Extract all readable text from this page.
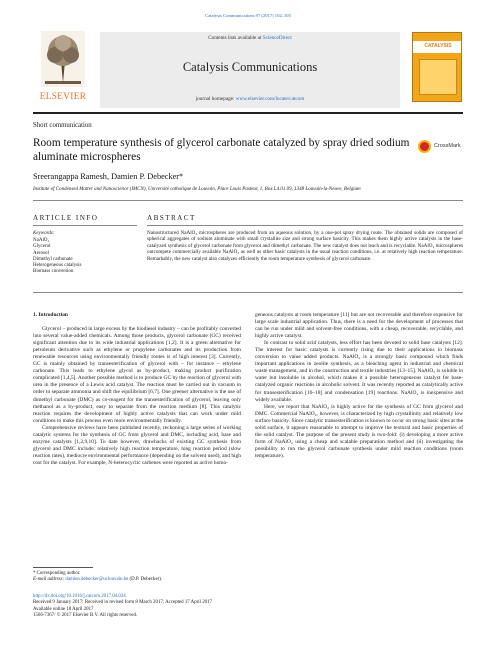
Catalysis Communications 97 (2017) 102–105
ELSEVIER
Contents lists available at ScienceDirect
Catalysis Communications
journal homepage: www.elsevier.com/locate/catcom
CATALYSIS
Short communication
Room temperature synthesis of glycerol carbonate catalyzed by spray dried sodium aluminate microspheres
CrossMark
Sreerangappa Ramesh, Damien P. Debecker*
Institute of Condensed Matter and Nanoscience (IMCN), Université catholique de Louvain, Place Louis Pasteur, 1, Box L4.01.09, 1348 Louvain-la-Neuve, Belgium
ARTICLE INFO	ABSTRACT
Keywords:
NaAlO₂
Glycerol
Aerosol
Dimethyl carbonate
Heterogeneous catalysis
Biomass conversion
Nanostructured NaAlO₂ microspheres are produced from an aqueous solution, by a one-pot spray drying route. The obtained solids are composed of spherical aggregates of sodium aluminate with small crystallite size and strong surface basicity. This makes them highly active catalysts in the base-catalyzed synthesis of glycerol carbonate from glycerol and dimethyl carbonate. The new catalyst does not leach and is recyclable. NaAlO₂ microspheres outcompete commercially available NaAlO₂ as well as other basic catalysts in the usual reaction conditions, i.e. at relatively high reaction temperature. Remarkably, the new catalyst also catalyzes efficiently the room temperature synthesis of glycerol carbonate.
1. Introduction

Glycerol – produced in large excess by the biodiesel industry – can be profitably converted into several value-added chemicals. Among those products, glycerol carbonate (GC) received significant attention due to its wide industrial applications [1,2]. It is a green alternative for petroleum derivative such as ethylene or propylene carbonates and its production from renewable resources using environmentally friendly routes is of high interest [3]. Currently, GC is mainly obtained by transesterification of glycerol with – for instance – ethylene carbonate. This leads to ethylene glycol as by-product, making product purification complicated [1,4,5]. Another possible method is to produce GC by the reaction of glycerol with urea in the presence of a Lewis acid catalyst. The reaction must be carried out in vacuum in order to separate ammonia and shift the equilibrium [6,7]. One greener alternative is the use of dimethyl carbonate (DMC) as co-reagent for the transesterification of glycerol, leaving only methanol as a by-product, easy to separate from the reaction medium [8]. This catalytic reaction requires the development of highly active catalysts that can work under mild conditions to make this process even more environmentally friendly.

Comprehensive reviews have been published recently, reckoning a large series of working catalytic systems for the synthesis of GC from glycerol and DMC, including acid, base and enzyme catalysts [1,2,9,10]. To date however, drawbacks of existing GC synthesis from glycerol and DMC include: relatively high reaction temperature, long reaction period (slow reaction rates), mediocre environmental performance (depending on the solvent used), and high cost for the catalyst. For example, N-heterocyclic carbenes were reported as active homo-

geneous catalysts at room temperature [11] but are not recoverable and therefore expensive for large scale industrial application. Thus, there is a need for the development of processes that can be run under mild and solvent-free conditions, with a cheap, recoverable, recyclable, and highly active catalyst.

In contrast to solid acid catalysts, less effort has been devoted to solid base catalysts [12]. The interest for basic catalysts is currently rising due to their applications in biomass conversion to value added products. NaAlO₂ is a strongly basic compound which finds important applications in zeolite synthesis, as a bleaching agent in industrial and chemical waste management, and in the construction and textile industries [13–15]. NaAlO₂ is soluble in water but insoluble in alcohol, which makes it a possible heterogeneous catalyst for base-catalyzed organic reactions in alcoholic solvent. It was recently reported as catalytically active for transesterification [16–18] and condensation [19] reactions. NaAlO₂ is inexpensive and widely available.

Here, we report that NaAlO₂ is highly active for the synthesis of GC from glycerol and DMC. Commercial NaAlO₂, however, is characterized by high crystallinity and relatively low surface basicity. Since catalytic transesterification is known to occur on strong basic sites at the solid surface, it appears reasonable to attempt to improve the textural and basic properties of the solid catalyst. The purpose of the present study is two-fold: (i) developing a more active form of NaAlO₂ using a cheap and scalable preparation method and (ii) investigating the possibility to run the glycerol carbonate synthesis under mild reaction conditions (room temperature).

* Corresponding author.
E-mail address: damien.debecker@uclouvain.be (D.P. Debecker).
http://dx.doi.org/10.1016/j.catcom.2017.04.034
Received 9 January 2017; Received in revised form 8 March 2017; Accepted 17 April 2017
Available online 18 April 2017
1566-7367/ © 2017 Elsevier B.V. All rights reserved.
